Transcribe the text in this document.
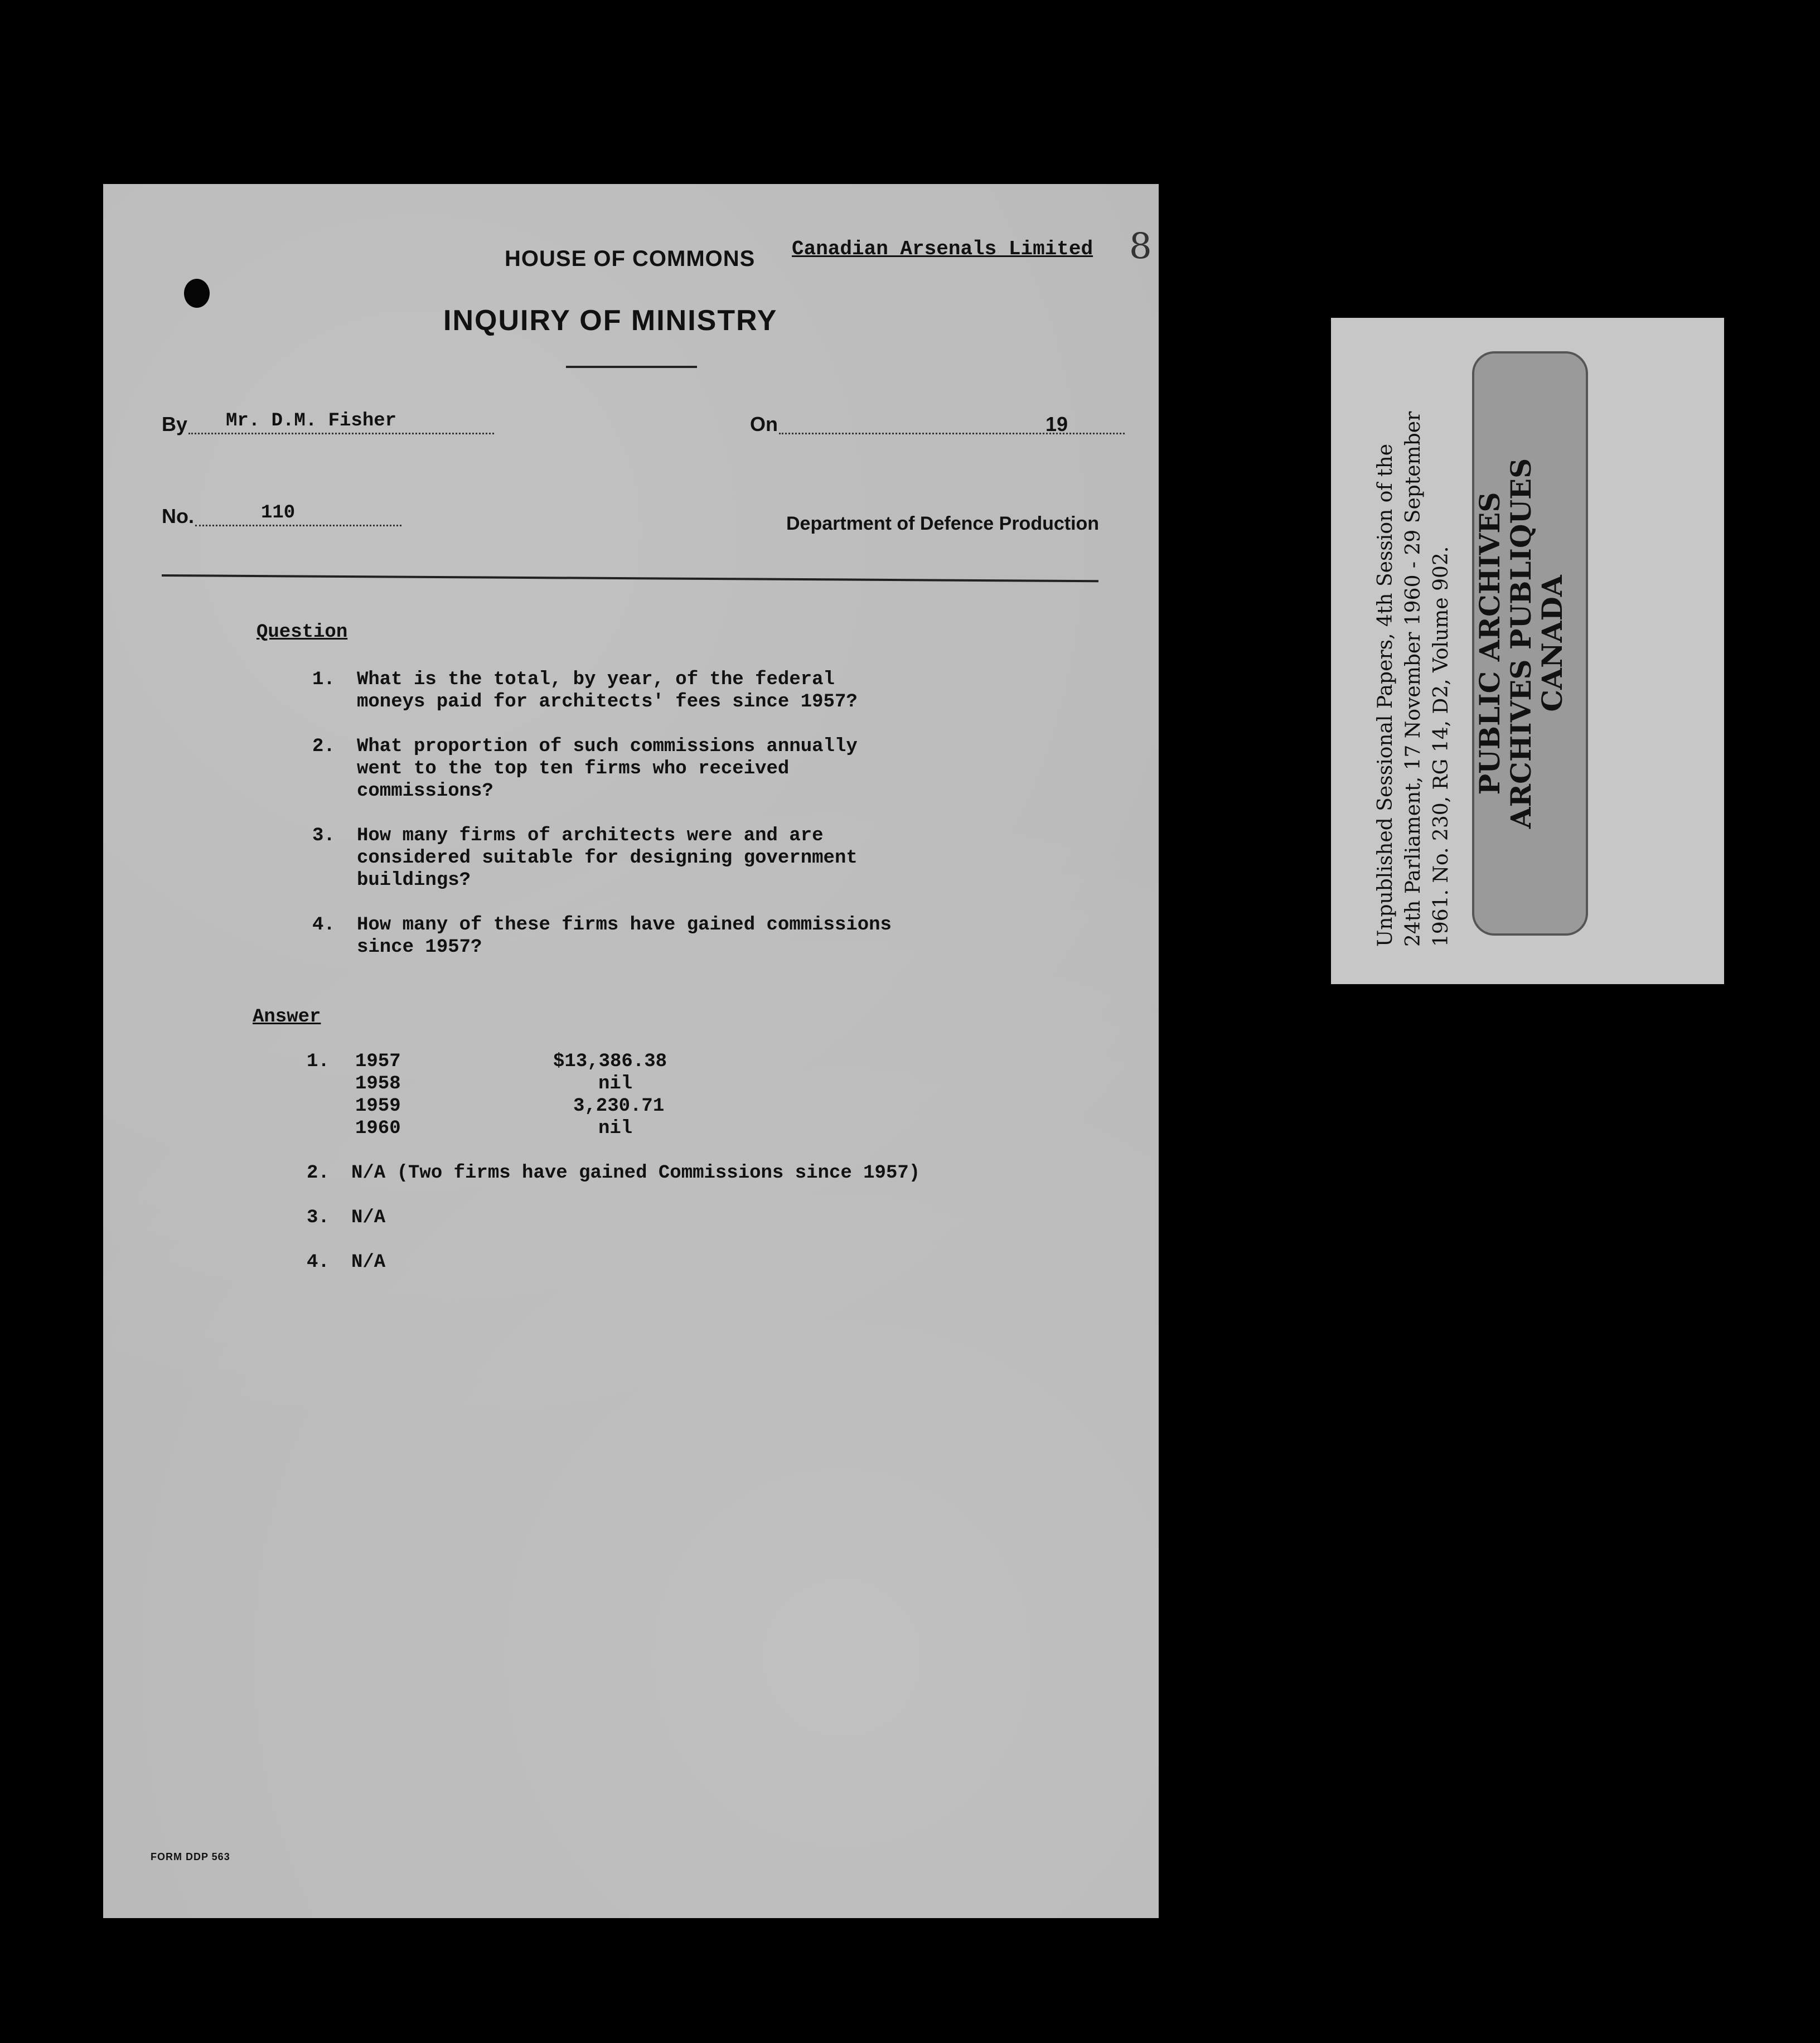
8
Canadian Arsenals Limited
HOUSE OF COMMONS
INQUIRY OF MINISTRY
By Mr. D.M. Fisher	On	19
No.	110	Department of Defence Production
Question
1. What is the total, by year, of the federal
moneys paid for architects' fees since 1957?
2. What proportion of such commissions annually
went to the top ten firms who received
commissions?
3. How many firms of architects were and are
considered suitable for designing government
buildings?
4. How many of these firms have gained commissions
since 1957?
Answer
1. 1957	$13,386.38
1958	nil
1959	3,230.71
1960	nil
2. N/A (Two firms have gained Commissions since 1957)
3. N/A
4. N/A
FORM DDP 563
Unpublished Sessional Papers, 4th Session of the 24th Parliament, 17 November 1960 - 29 September 1961. No. 230, RG 14, D2, Volume 902. PUBLIC ARCHIVES
ARCHIVES PUBLIQUES
CANADA
